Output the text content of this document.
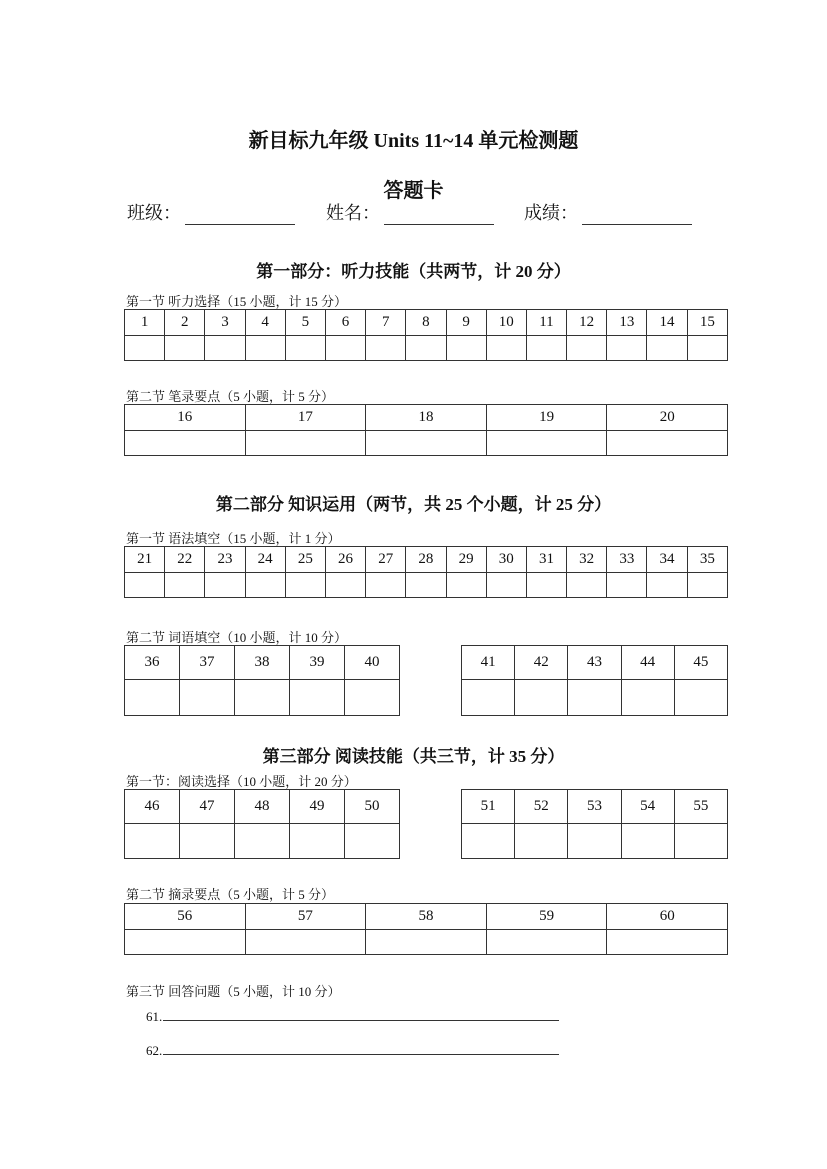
新目标九年级 Units 11~14 单元检测题
答题卡
班级：	姓名：	成绩：
第一部分：听力技能（共两节，计 20 分）
第一节 听力选择（15 小题，计 15 分）
1	2	3	4	5	6	7	8	9	10	11	12	13	14	15

第二节 笔录要点（5 小题，计 5 分）
16	17	18	19	20

第二部分 知识运用（两节，共 25 个小题，计 25 分）
第一节 语法填空（15 小题，计 1 分）
21	22	23	24	25	26	27	28	29	30	31	32	33	34	35

第二节 词语填空（10 小题，计 10 分）
36	37	38	39	40
					41	42	43	44	45

第三部分 阅读技能（共三节，计 35 分）
第一节：阅读选择（10 小题，计 20 分）
46	47	48	49	50
					51	52	53	54	55

第二节 摘录要点（5 小题，计 5 分）
56	57	58	59	60

第三节 回答问题（5 小题，计 10 分）
61.
62.
